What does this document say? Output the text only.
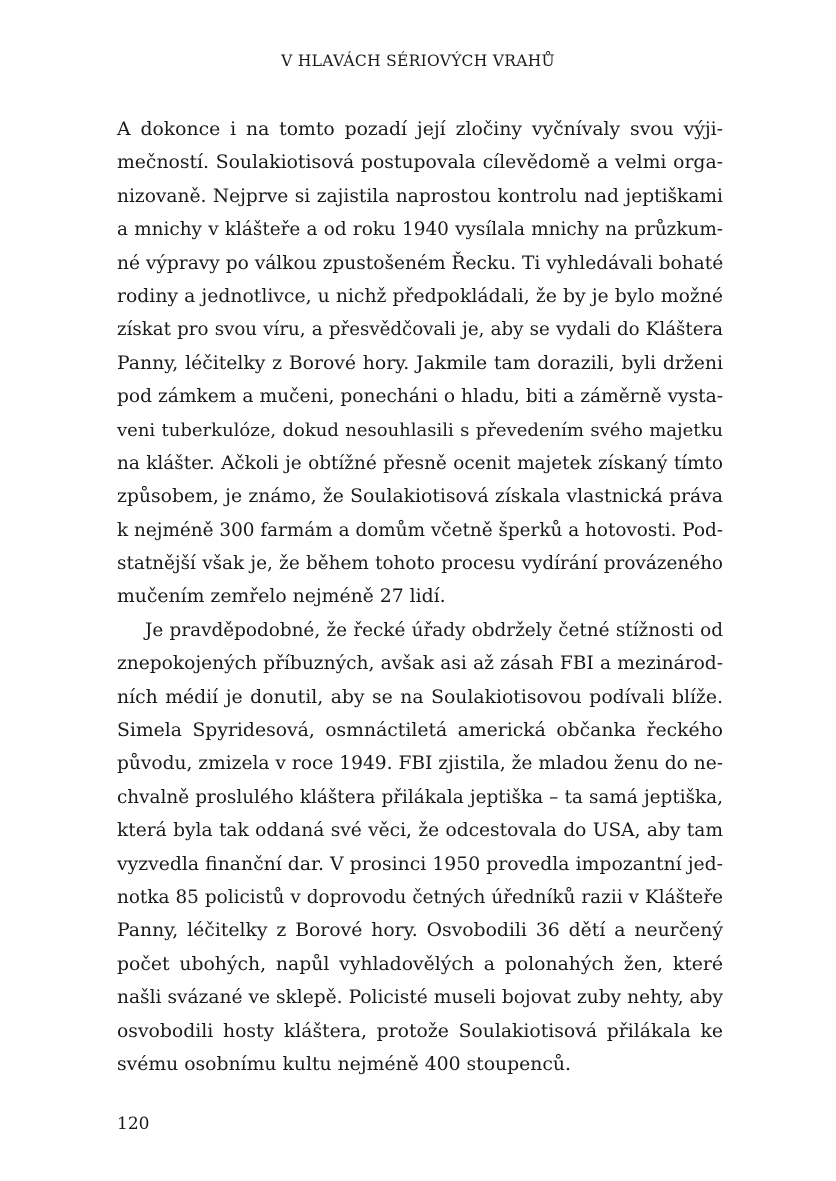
V HLAVÁCH SÉRIOVÝCH VRAHŮ
A dokonce i na tomto pozadí její zločiny vyčnívaly svou výji-
mečností. Soulakiotisová postupovala cílevědomě a velmi orga-
nizovaně. Nejprve si zajistila naprostou kontrolu nad jeptiškami
a mnichy v klášteře a od roku 1940 vysílala mnichy na průzkum-
né výpravy po válkou zpustošeném Řecku. Ti vyhledávali bohaté
rodiny a jednotlivce, u nichž předpokládali, že by je bylo možné
získat pro svou víru, a přesvědčovali je, aby se vydali do Kláštera
Panny, léčitelky z Borové hory. Jakmile tam dorazili, byli drženi
pod zámkem a mučeni, ponecháni o hladu, biti a záměrně vysta-
veni tuberkulóze, dokud nesouhlasili s převedením svého majetku
na klášter. Ačkoli je obtížné přesně ocenit majetek získaný tímto
způsobem, je známo, že Soulakiotisová získala vlastnická práva
k nejméně 300 farmám a domům včetně šperků a hotovosti. Pod-
statnější však je, že během tohoto procesu vydírání provázeného
mučením zemřelo nejméně 27 lidí.
Je pravděpodobné, že řecké úřady obdržely četné stížnosti od
znepokojených příbuzných, avšak asi až zásah FBI a mezinárod-
ních médií je donutil, aby se na Soulakiotisovou podívali blíže.
Simela Spyridesová, osmnáctiletá americká občanka řeckého
původu, zmizela v roce 1949. FBI zjistila, že mladou ženu do ne-
chvalně proslulého kláštera přilákala jeptiška – ta samá jeptiška,
která byla tak oddaná své věci, že odcestovala do USA, aby tam
vyzvedla finanční dar. V prosinci 1950 provedla impozantní jed-
notka 85 policistů v doprovodu četných úředníků razii v Klášteře
Panny, léčitelky z Borové hory. Osvobodili 36 dětí a neurčený
počet ubohých, napůl vyhladovělých a polonahých žen, které
našli svázané ve sklepě. Policisté museli bojovat zuby nehty, aby
osvobodili hosty kláštera, protože Soulakiotisová přilákala ke
svému osobnímu kultu nejméně 400 stoupenců.
120
